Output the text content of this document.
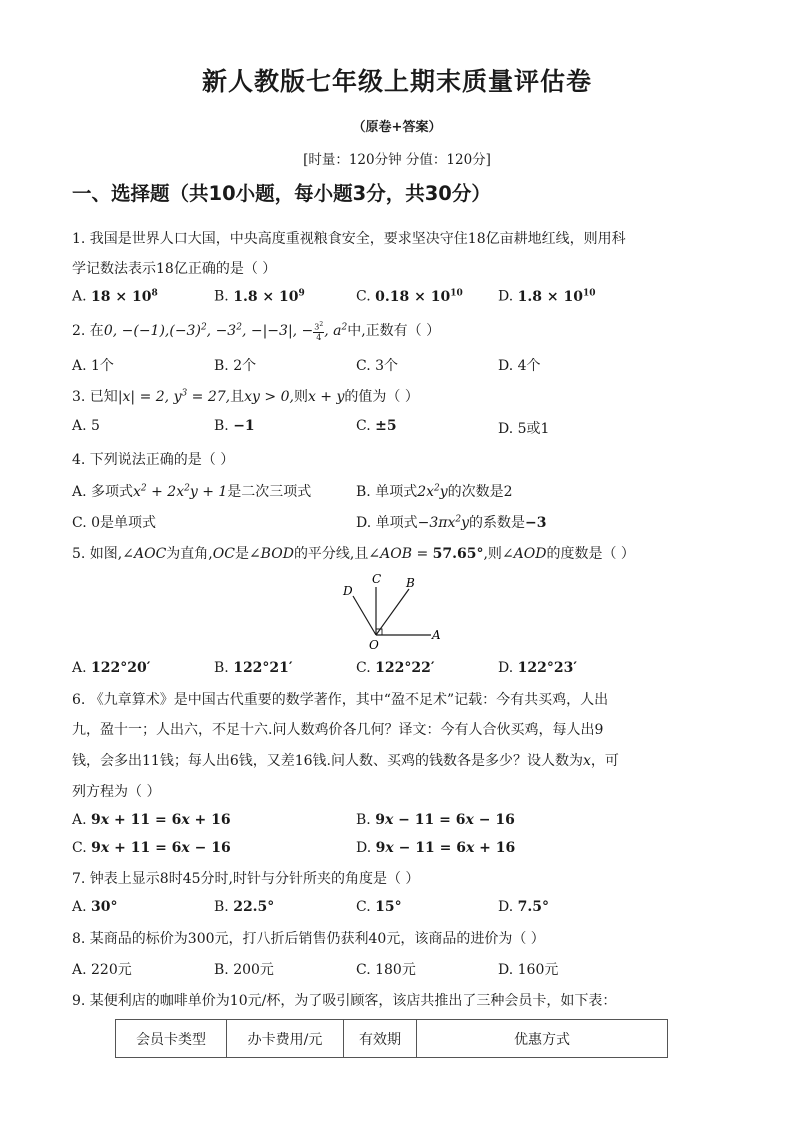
新人教版七年级上期末质量评估卷
（原卷+答案）
[时量：120分钟 分值：120分]
一、选择题（共10小题，每小题3分，共30分）
1. 我国是世界人口大国，中央高度重视粮食安全，要求坚决守住18亿亩耕地红线，则用科
学记数法表示18亿正确的是（ ）
A. $18 \times 10^8$	B. $1.8 \times 10^9$	C. $0.18 \times 10^{10}$	D. $1.8 \times 10^{10}$
2. 在0, $-(-1),(-3)^2$, $-3^2$, −|−3|, − $\frac{3^2}{4}$ , $a^2$中,正数有（ ）
A. 1个	B. 2个	C. 3个	D. 4个
3. 已知|x| = 2, $y^3 = 27$,且xy > 0,则x + y的值为（ ）
A. 5	B. −1	C. ±5	D. 5或1
4. 下列说法正确的是（ ）
A. 多项式$x^2 + 2x^2y + 1$是二次三项式	B. 单项式$2x^2y$的次数是2
C. 0是单项式	D. 单项式$-3\pi x^2y$的系数是−3
5. 如图,∠AOC为直角,OC是∠BOD的平分线,且∠AOB = 57.65°,则∠AOD的度数是（ ）
D
C B
O
A
A. 122°20′	B. 122°21′	C. 122°22′	D. 122°23′
6. 《九章算术》是中国古代重要的数学著作，其中“盈不足术”记载：今有共买鸡，人出
九，盈十一；人出六，不足十六.问人数鸡价各几何？译文：今有人合伙买鸡，每人出9
钱，会多出11钱；每人出6钱，又差16钱.问人数、买鸡的钱数各是多少？设人数为x，可
列方程为（ ）
A. 9x + 11 = 6x + 16	B. 9x − 11 = 6x − 16
C. 9x + 11 = 6x − 16	D. 9x − 11 = 6x + 16
7. 钟表上显示8时45分时,时针与分针所夹的角度是（ ）
A. 30°	B. 22.5°	C. 15°	D. 7.5°
8. 某商品的标价为300元，打八折后销售仍获利40元，该商品的进价为（ ）
A. 220元	B. 200元	C. 180元	D. 160元
9. 某便利店的咖啡单价为10元/杯，为了吸引顾客，该店共推出了三种会员卡，如下表：
会员卡类型	办卡费用/元	有效期	优惠方式
